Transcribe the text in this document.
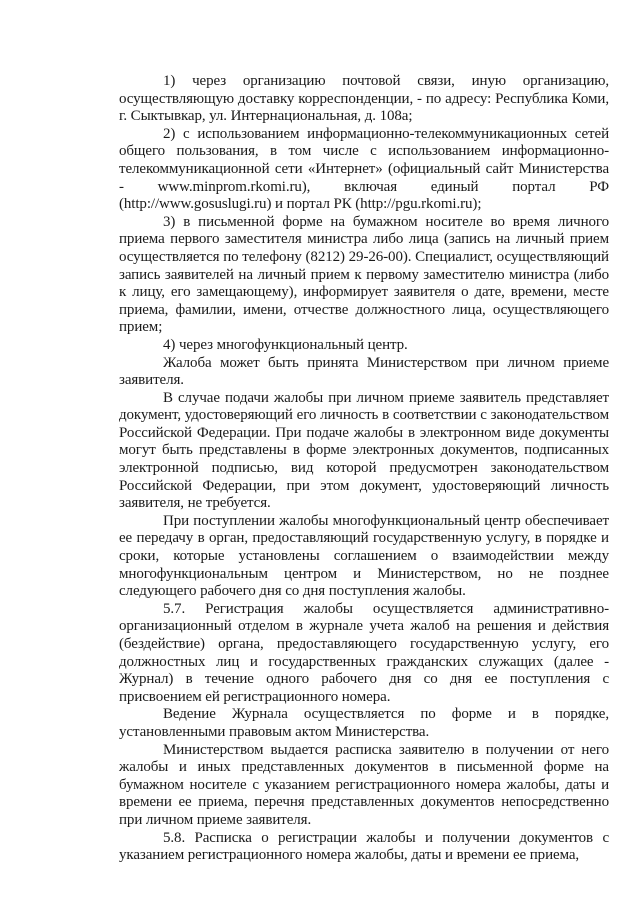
1) через организацию почтовой связи, иную организацию, осуществляющую доставку корреспонденции, - по адресу: Республика Коми, г. Сыктывкар, ул. Интернациональная, д. 108а;

2) с использованием информационно-телекоммуникационных сетей общего пользования, в том числе с использованием информационно-телекоммуникационной сети «Интернет» (официальный сайт Министерства - www.minprom.rkomi.ru), включая единый портал РФ (http://www.gosuslugi.ru) и портал РК (http://pgu.rkomi.ru);

3) в письменной форме на бумажном носителе во время личного приема первого заместителя министра либо лица (запись на личный прием осуществляется по телефону (8212) 29-26-00). Специалист, осуществляющий запись заявителей на личный прием к первому заместителю министра (либо к лицу, его замещающему), информирует заявителя о дате, времени, месте приема, фамилии, имени, отчестве должностного лица, осуществляющего прием;

4) через многофункциональный центр.

Жалоба может быть принята Министерством при личном приеме заявителя.

В случае подачи жалобы при личном приеме заявитель представляет документ, удостоверяющий его личность в соответствии с законодательством Российской Федерации. При подаче жалобы в электронном виде документы могут быть представлены в форме электронных документов, подписанных электронной подписью, вид которой предусмотрен законодательством Российской Федерации, при этом документ, удостоверяющий личность заявителя, не требуется.

При поступлении жалобы многофункциональный центр обеспечивает ее передачу в орган, предоставляющий государственную услугу, в порядке и сроки, которые установлены соглашением о взаимодействии между многофункциональным центром и Министерством, но не позднее следующего рабочего дня со дня поступления жалобы.

5.7. Регистрация жалобы осуществляется административно-организационный отделом в журнале учета жалоб на решения и действия (бездействие) органа, предоставляющего государственную услугу, его должностных лиц и государственных гражданских служащих (далее - Журнал) в течение одного рабочего дня со дня ее поступления с присвоением ей регистрационного номера.

Ведение Журнала осуществляется по форме и в порядке, установленными правовым актом Министерства.

Министерством выдается расписка заявителю в получении от него жалобы и иных представленных документов в письменной форме на бумажном носителе с указанием регистрационного номера жалобы, даты и времени ее приема, перечня представленных документов непосредственно при личном приеме заявителя.

5.8. Расписка о регистрации жалобы и получении документов с указанием регистрационного номера жалобы, даты и времени ее приема,
